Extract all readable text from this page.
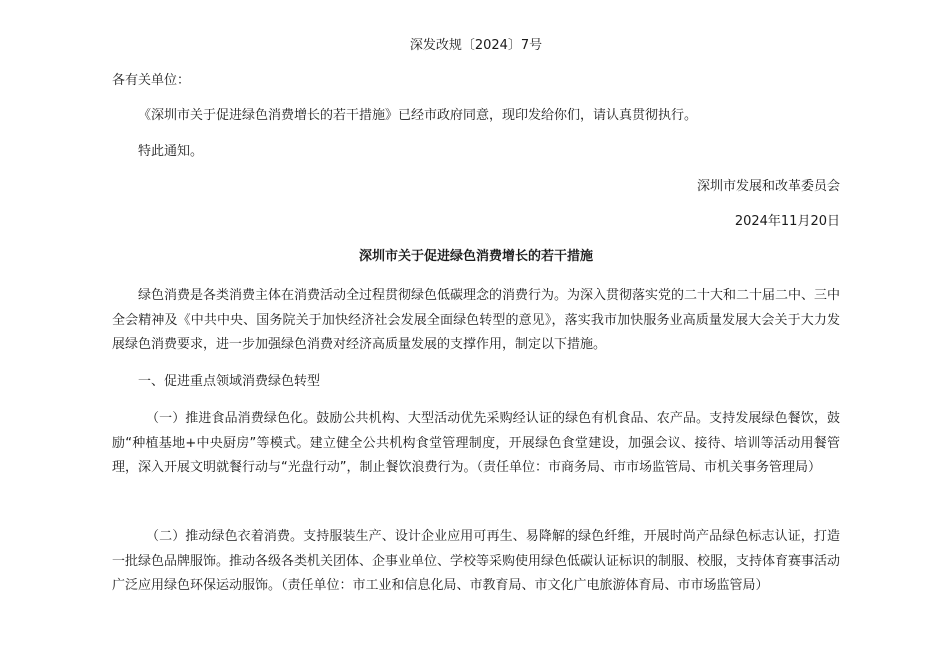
深发改规〔2024〕7号
各有关单位：
《深圳市关于促进绿色消费增长的若干措施》已经市政府同意，现印发给你们，请认真贯彻执行。
特此通知。
深圳市发展和改革委员会
2024年11月20日
深圳市关于促进绿色消费增长的若干措施
绿色消费是各类消费主体在消费活动全过程贯彻绿色低碳理念的消费行为。为深入贯彻落实党的二十大和二十届二中、三中全会精神及《中共中央、国务院关于加快经济社会发展全面绿色转型的意见》，落实我市加快服务业高质量发展大会关于大力发展绿色消费要求，进一步加强绿色消费对经济高质量发展的支撑作用，制定以下措施。
一、促进重点领域消费绿色转型
（一）推进食品消费绿色化。鼓励公共机构、大型活动优先采购经认证的绿色有机食品、农产品。支持发展绿色餐饮，鼓励“种植基地+中央厨房”等模式。建立健全公共机构食堂管理制度，开展绿色食堂建设，加强会议、接待、培训等活动用餐管理，深入开展文明就餐行动与“光盘行动”，制止餐饮浪费行为。（责任单位：市商务局、市市场监管局、市机关事务管理局）
（二）推动绿色衣着消费。支持服装生产、设计企业应用可再生、易降解的绿色纤维，开展时尚产品绿色标志认证，打造一批绿色品牌服饰。推动各级各类机关团体、企事业单位、学校等采购使用绿色低碳认证标识的制服、校服，支持体育赛事活动广泛应用绿色环保运动服饰。（责任单位：市工业和信息化局、市教育局、市文化广电旅游体育局、市市场监管局）
